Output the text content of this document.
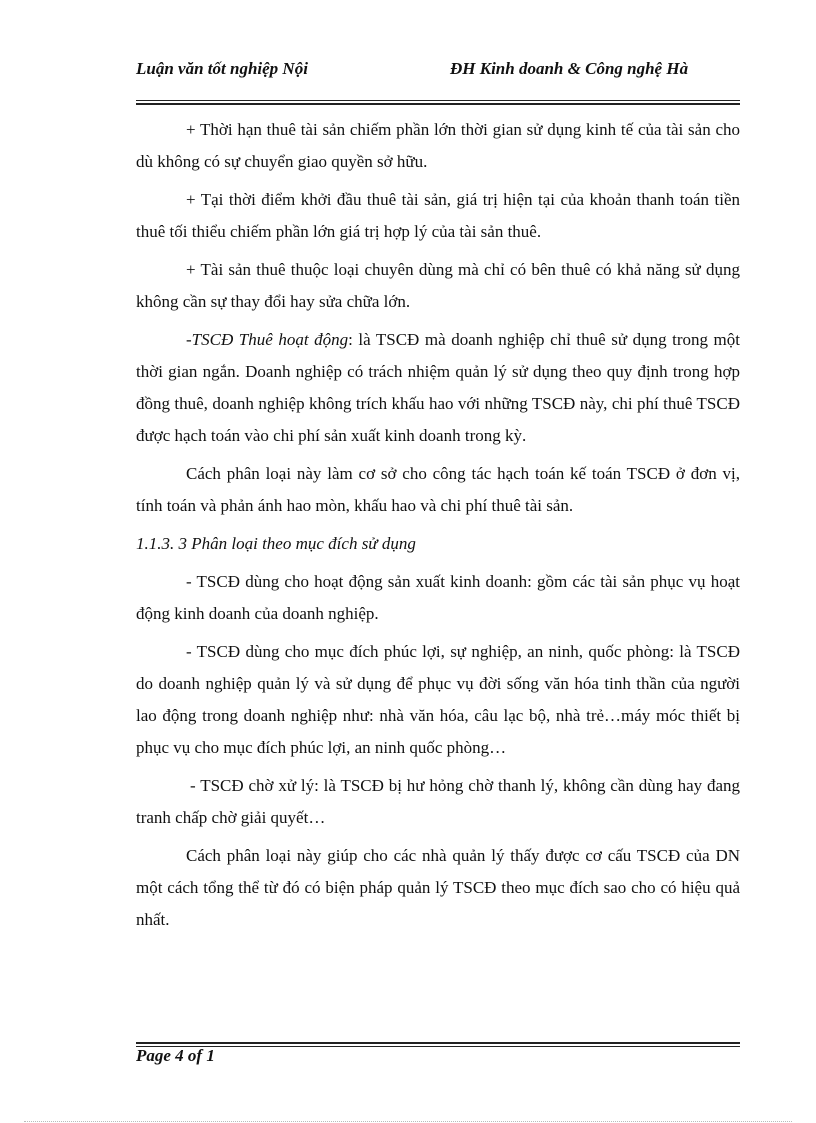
Luận văn tốt nghiệp Nội	ĐH Kinh doanh & Công nghệ Hà

+ Thời hạn thuê tài sản chiếm phần lớn thời gian sử dụng kinh tế của tài sản cho dù không có sự chuyển giao quyền sở hữu.

+ Tại thời điểm khởi đầu thuê tài sản, giá trị hiện tại của khoản thanh toán tiền thuê tối thiểu chiếm phần lớn giá trị hợp lý của tài sản thuê.

+ Tài sản thuê thuộc loại chuyên dùng mà chỉ có bên thuê có khả năng sử dụng không cần sự thay đổi hay sửa chữa lớn.

-TSCĐ Thuê hoạt động: là TSCĐ mà doanh nghiệp chỉ thuê sử dụng trong một thời gian ngắn. Doanh nghiệp có trách nhiệm quản lý sử dụng theo quy định trong hợp đồng thuê, doanh nghiệp không trích khấu hao với những TSCĐ này, chi phí thuê TSCĐ được hạch toán vào chi phí sản xuất kinh doanh trong kỳ.

Cách phân loại này làm cơ sở cho công tác hạch toán kế toán TSCĐ ở đơn vị, tính toán và phản ánh hao mòn, khấu hao và chi phí thuê tài sản.

1.1.3. 3 Phân loại theo mục đích sử dụng

- TSCĐ dùng cho hoạt động sản xuất kinh doanh: gồm các tài sản phục vụ hoạt động kinh doanh của doanh nghiệp.

- TSCĐ dùng cho mục đích phúc lợi, sự nghiệp, an ninh, quốc phòng: là TSCĐ do doanh nghiệp quản lý và sử dụng để phục vụ đời sống văn hóa tinh thần của người lao động trong doanh nghiệp như: nhà văn hóa, câu lạc bộ, nhà trẻ…máy móc thiết bị phục vụ cho mục đích phúc lợi, an ninh quốc phòng…

- TSCĐ chờ xử lý: là TSCĐ bị hư hỏng chờ thanh lý, không cần dùng hay đang tranh chấp chờ giải quyết…

Cách phân loại này giúp cho các nhà quản lý thấy được cơ cấu TSCĐ của DN một cách tổng thể từ đó có biện pháp quản lý TSCĐ theo mục đích sao cho có hiệu quả nhất.

Page 4 of 1
